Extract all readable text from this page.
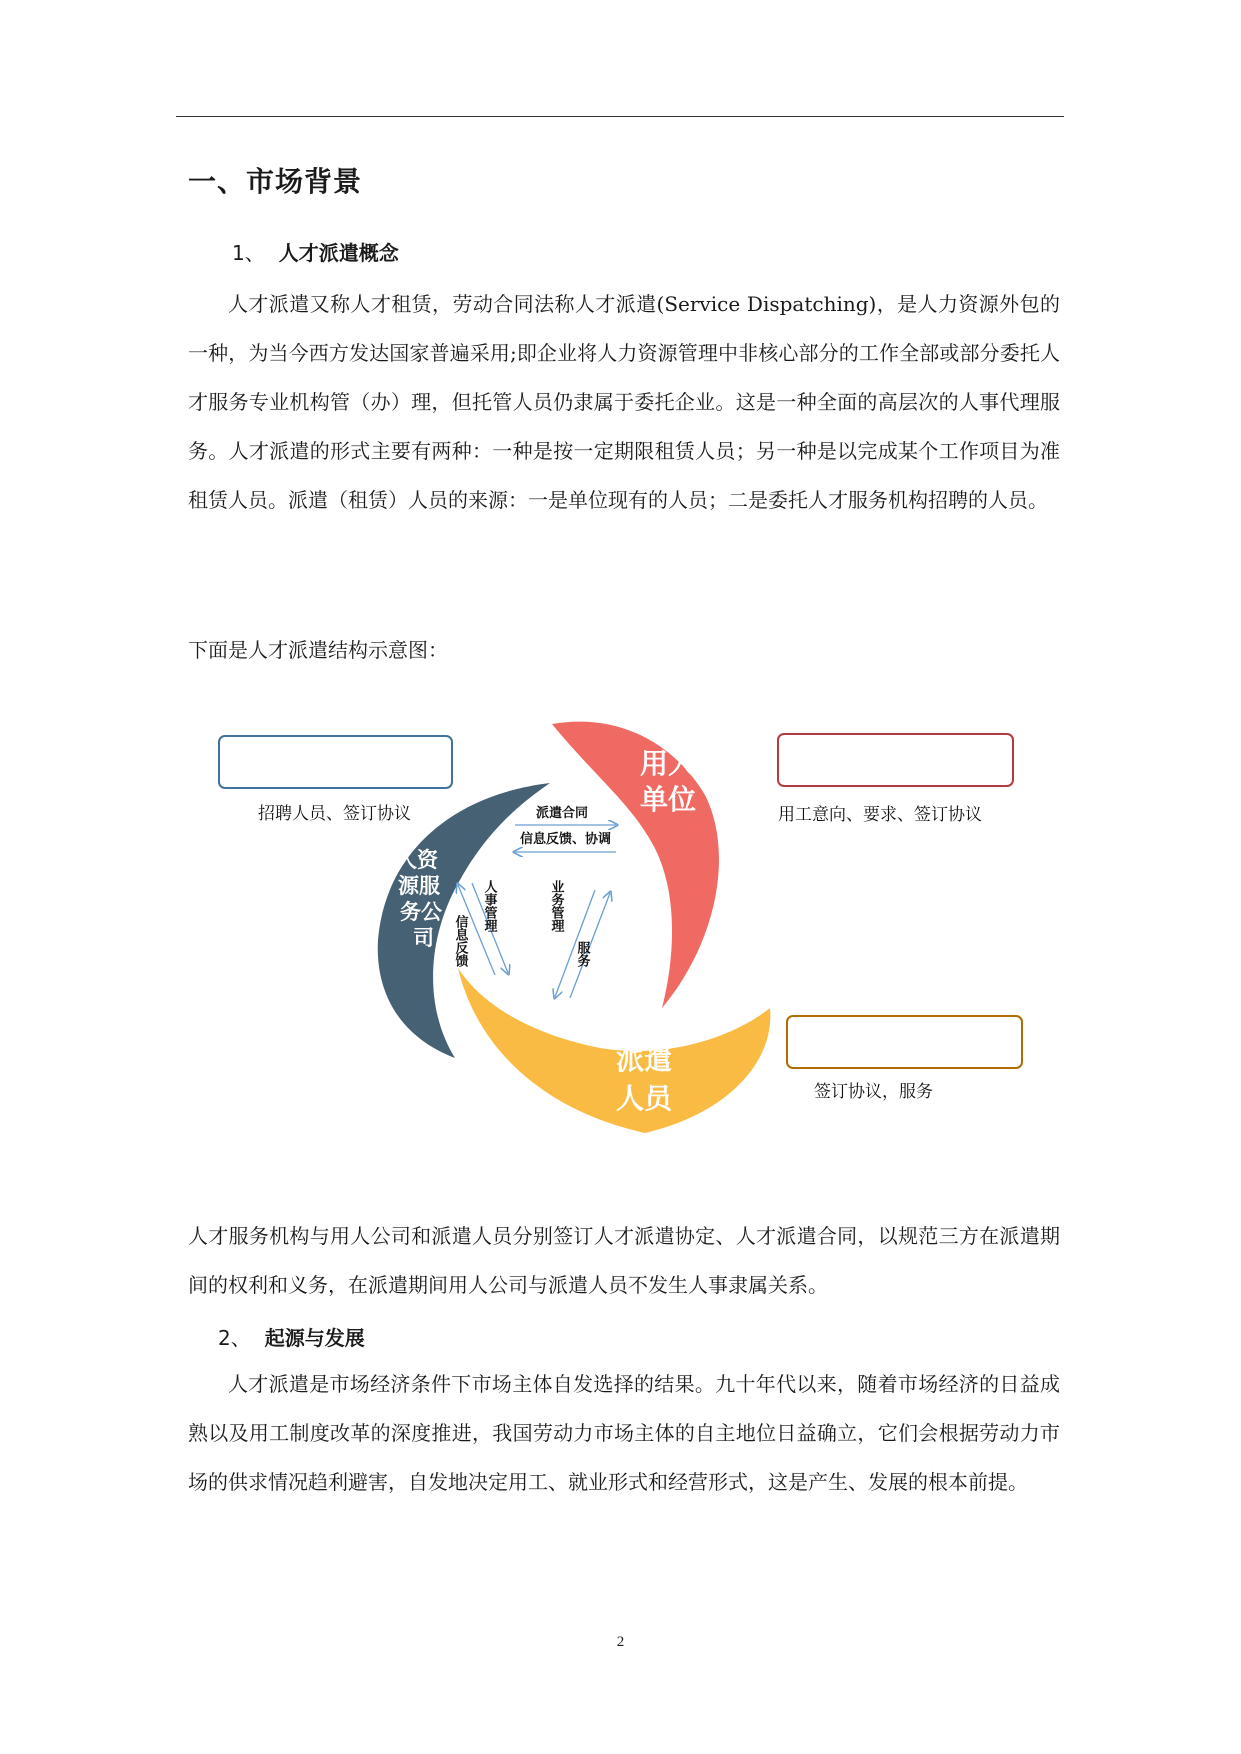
一、市场背景
1、 人才派遣概念
人才派遣又称人才租赁，劳动合同法称人才派遣(Service Dispatching)，是人力资源外包的一种，为当今西方发达国家普遍采用;即企业将人力资源管理中非核心部分的工作全部或部分委托人才服务专业机构管（办）理，但托管人员仍隶属于委托企业。这是一种全面的高层次的人事代理服务。人才派遣的形式主要有两种：一种是按一定期限租赁人员；另一种是以完成某个工作项目为准租赁人员。派遣（租赁）人员的来源：一是单位现有的人员；二是委托人才服务机构招聘的人员。
下面是人才派遣结构示意图：
人力资源服务机构
招聘人员、签订协议
用人单位
用工意向、要求、签订协议
人员
签订协议，服务
人资
源服
务公
司
用人
单位
派遣
人员
派遣合同
信息反馈、协调
人事管理
信息反馈
业务管理
服务
人才服务机构与用人公司和派遣人员分别签订人才派遣协定、人才派遣合同，以规范三方在派遣期间的权利和义务，在派遣期间用人公司与派遣人员不发生人事隶属关系。
2、 起源与发展
人才派遣是市场经济条件下市场主体自发选择的结果。九十年代以来，随着市场经济的日益成熟以及用工制度改革的深度推进，我国劳动力市场主体的自主地位日益确立，它们会根据劳动力市场的供求情况趋利避害，自发地决定用工、就业形式和经营形式，这是产生、发展的根本前提。
2
